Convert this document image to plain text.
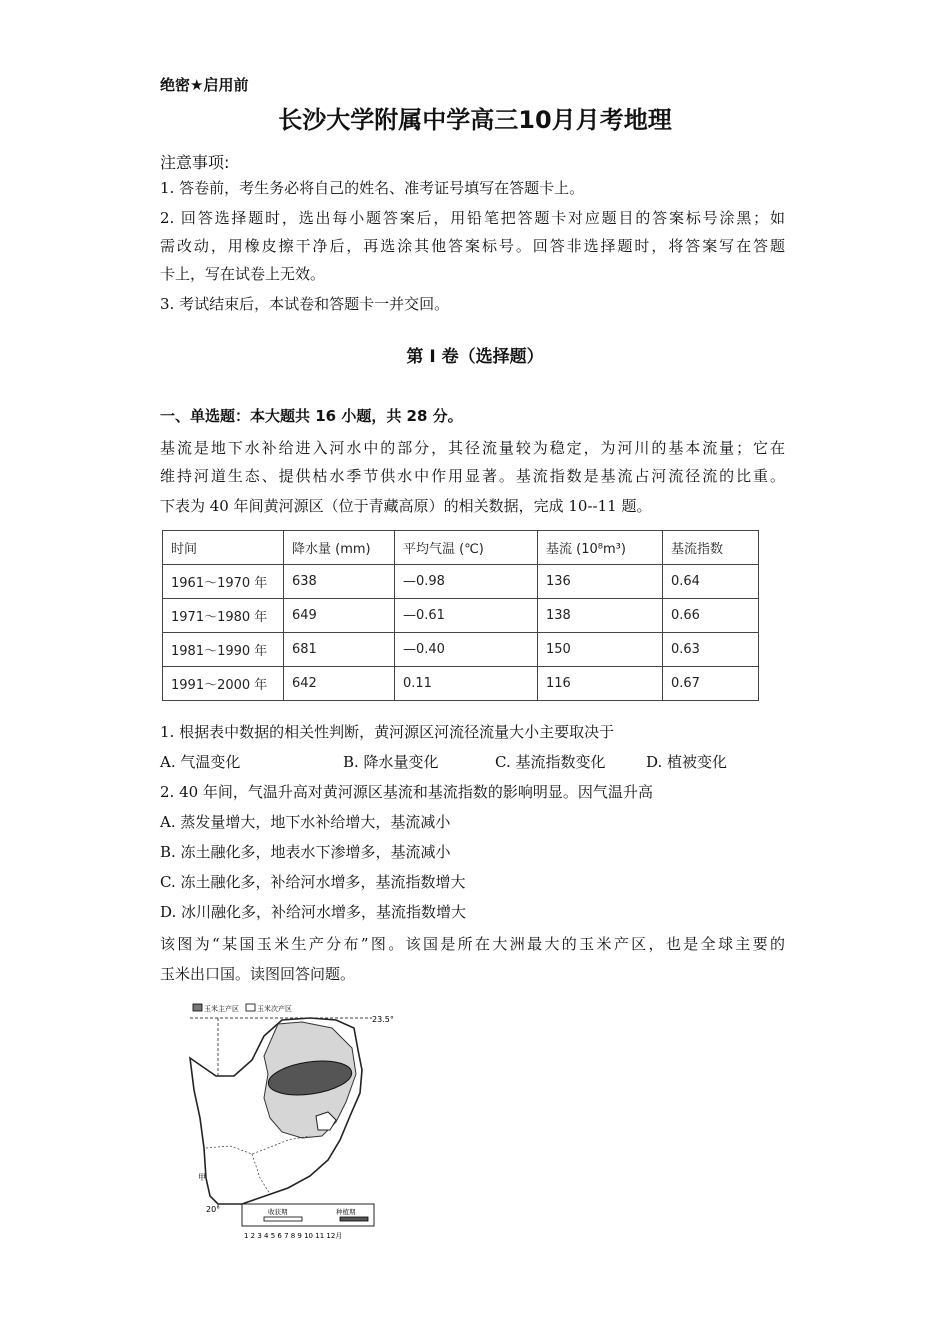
绝密★启用前
长沙大学附属中学高三10月月考地理
注意事项:
1. 答卷前，考生务必将自己的姓名、准考证号填写在答题卡上。
2. 回答选择题时，选出每小题答案后，用铅笔把答题卡对应题目的答案标号涂黑；如
需改动，用橡皮擦干净后，再选涂其他答案标号。回答非选择题时，将答案写在答题
卡上，写在试卷上无效。
3. 考试结束后，本试卷和答题卡一并交回。
第 I 卷（选择题）
一、单选题：本大题共 16 小题，共 28 分。
基流是地下水补给进入河水中的部分，其径流量较为稳定，为河川的基本流量；它在
维持河道生态、提供枯水季节供水中作用显著。基流指数是基流占河流径流的比重。
下表为 40 年间黄河源区（位于青藏高原）的相关数据，完成 10--11 题。
时间	降水量 (mm)	平均气温 (℃)	基流 (10⁸m³)	基流指数
1961～1970 年	638	—0.98	136	0.64
1971～1980 年	649	—0.61	138	0.66
1981～1990 年	681	—0.40	150	0.63
1991～2000 年	642	0.11	116	0.67
1. 根据表中数据的相关性判断，黄河源区河流径流量大小主要取决于
A. 气温变化	B. 降水量变化	C. 基流指数变化	D. 植被变化
2. 40 年间，气温升高对黄河源区基流和基流指数的影响明显。因气温升高
A. 蒸发量增大，地下水补给增大，基流减小
B. 冻土融化多，地表水下渗增多，基流减小
C. 冻土融化多，补给河水增多，基流指数增大
D. 冰川融化多，补给河水增多，基流指数增大
该图为“某国玉米生产分布”图。该国是所在大洲最大的玉米产区，也是全球主要的
玉米出口国。读图回答问题。
玉米主产区	玉米次产区
23.5°
甲
20°	收获期	种植期
1 2 3 4 5 6 7 8 9 10 11 12月
